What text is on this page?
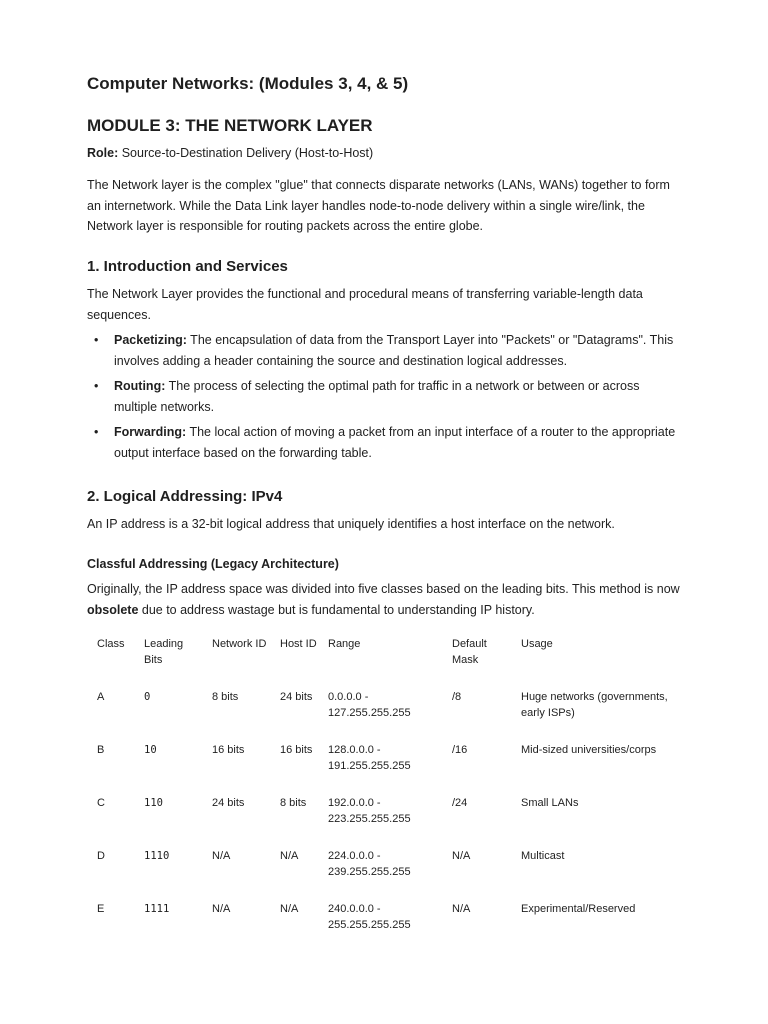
Computer Networks: (Modules 3, 4, & 5)
MODULE 3: THE NETWORK LAYER
Role: Source-to-Destination Delivery (Host-to-Host)

The Network layer is the complex "glue" that connects disparate networks (LANs, WANs) together to form an internetwork. While the Data Link layer handles node-to-node delivery within a single wire/link, the Network layer is responsible for routing packets across the entire globe.

1. Introduction and Services

The Network Layer provides the functional and procedural means of transferring variable-length data sequences.

• Packetizing: The encapsulation of data from the Transport Layer into "Packets" or "Datagrams". This involves adding a header containing the source and destination logical addresses.
• Routing: The process of selecting the optimal path for traffic in a network or between or across multiple networks.
• Forwarding: The local action of moving a packet from an input interface of a router to the appropriate output interface based on the forwarding table.
2. Logical Addressing: IPv4

An IP address is a 32-bit logical address that uniquely identifies a host interface on the network.

Classful Addressing (Legacy Architecture)

Originally, the IP address space was divided into five classes based on the leading bits. This method is now obsolete due to address wastage but is fundamental to understanding IP history.

Class	Leading Bits	Network ID	Host ID	Range	Default Mask	Usage
A	0	8 bits	24 bits	0.0.0.0 - 127.255.255.255	/8	Huge networks (governments, early ISPs)
B	10	16 bits	16 bits	128.0.0.0 - 191.255.255.255	/16	Mid-sized universities/corps
C	110	24 bits	8 bits	192.0.0.0 - 223.255.255.255	/24	Small LANs
D	1110	N/A	N/A	224.0.0.0 - 239.255.255.255	N/A	Multicast
E	1111	N/A	N/A	240.0.0.0 - 255.255.255.255	N/A	Experimental/Reserved
